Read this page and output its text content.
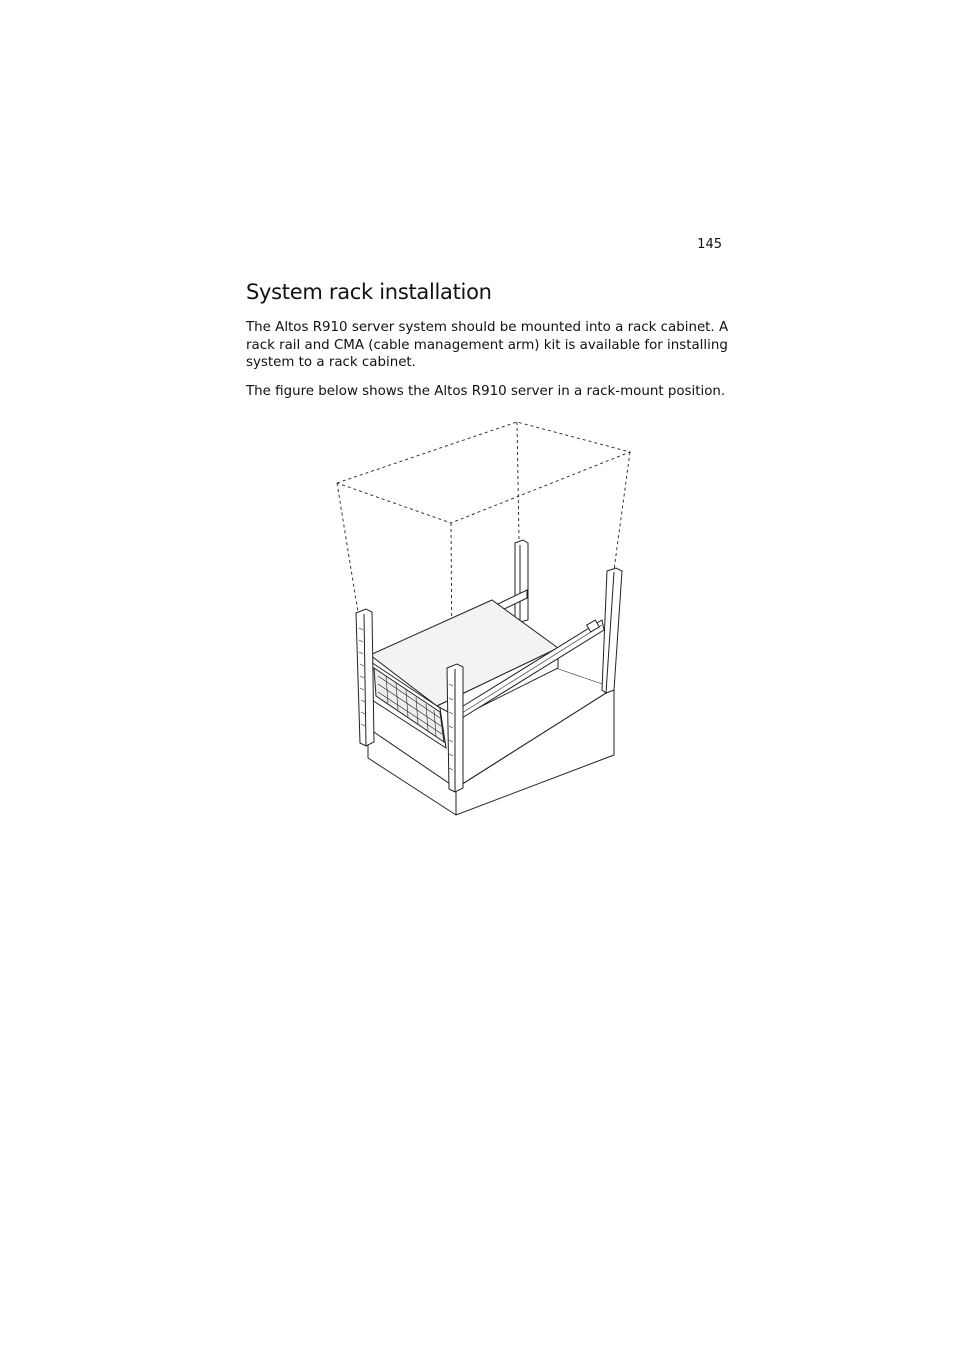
145
System rack installation

The Altos R910 server system should be mounted into a rack cabinet. A rack rail and CMA (cable management arm) kit is available for installing system to a rack cabinet.

The figure below shows the Altos R910 server in a rack-mount position.
